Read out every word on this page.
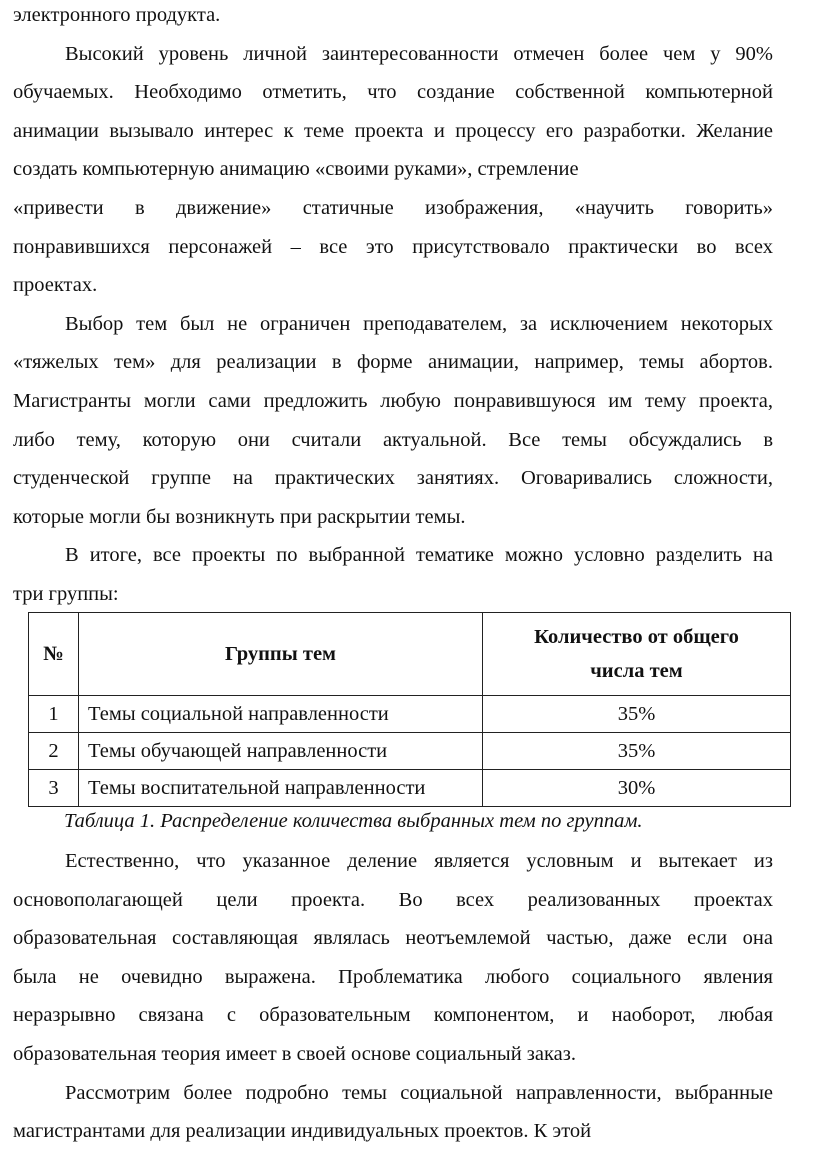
электронного продукта.

Высокий уровень личной заинтересованности отмечен более чем у 90%

обучаемых. Необходимо отметить, что создание собственной компьютерной

анимации вызывало интерес к теме проекта и процессу его разработки. Желание

создать компьютерную анимацию «своими руками», стремление

«привести в движение» статичные изображения, «научить говорить»

понравившихся персонажей – все это присутствовало практически во всех

проектах.

Выбор тем был не ограничен преподавателем, за исключением некоторых

«тяжелых тем» для реализации в форме анимации, например, темы абортов.

Магистранты могли сами предложить любую понравившуюся им тему проекта,

либо тему, которую они считали актуальной. Все темы обсуждались в

студенческой группе на практических занятиях. Оговаривались сложности,

которые могли бы возникнуть при раскрытии темы.

В итоге, все проекты по выбранной тематике можно условно разделить на

три группы:

№	Группы тем	Количество от общего
числа тем

1	Темы социальной направленности	35%
2	Темы обучающей направленности	35%
3	Темы воспитательной направленности	30%

Таблица 1. Распределение количества выбранных тем по группам.

Естественно, что указанное деление является условным и вытекает из

основополагающей цели проекта. Во всех реализованных проектах

образовательная составляющая являлась неотъемлемой частью, даже если она

была не очевидно выражена. Проблематика любого социального явления

неразрывно связана с образовательным компонентом, и наоборот, любая

образовательная теория имеет в своей основе социальный заказ.

Рассмотрим более подробно темы социальной направленности, выбранные

магистрантами для реализации индивидуальных проектов. К этой
